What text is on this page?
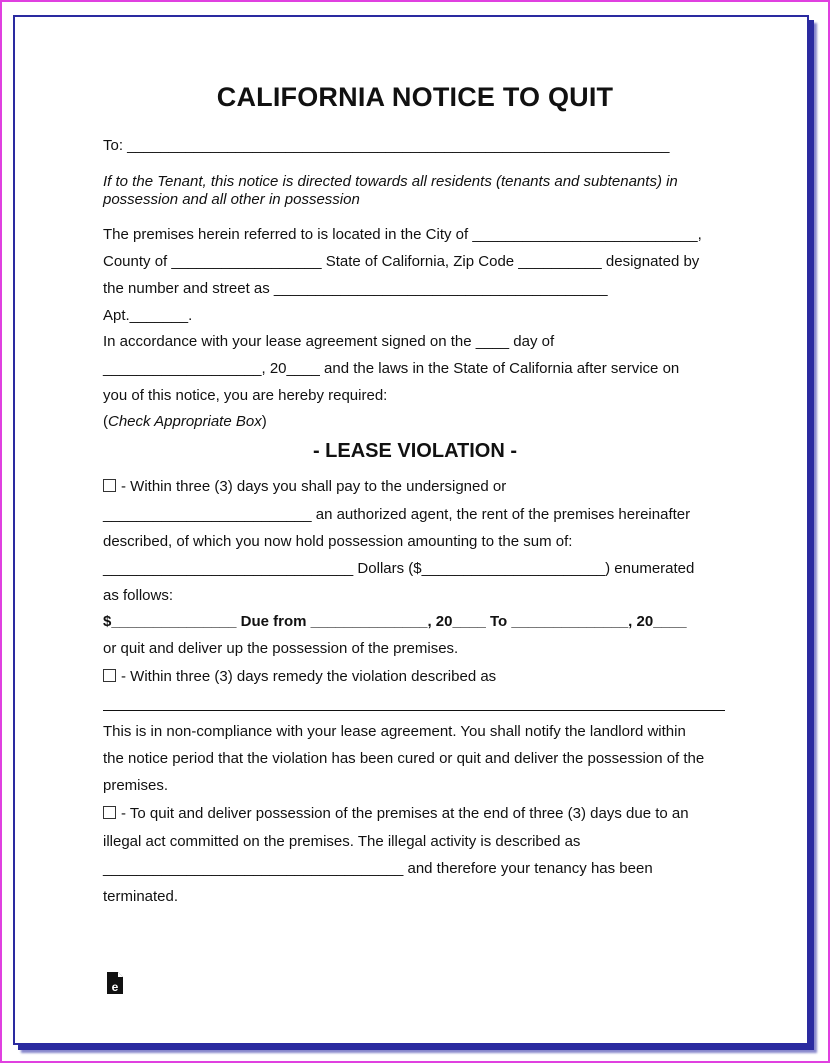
CALIFORNIA NOTICE TO QUIT
To: _________________________________________________________________
If to the Tenant, this notice is directed towards all residents (tenants and subtenants) in
possession and all other in possession
The premises herein referred to is located in the City of ___________________________,
County of __________________ State of California, Zip Code __________ designated by
the number and street as ________________________________________
Apt._______.
In accordance with your lease agreement signed on the ____ day of
___________________, 20____ and the laws in the State of California after service on
you of this notice, you are hereby required:
(Check Appropriate Box)
- LEASE VIOLATION -
- Within three (3) days you shall pay to the undersigned or
_________________________ an authorized agent, the rent of the premises hereinafter
described, of which you now hold possession amounting to the sum of:
______________________________ Dollars ($______________________) enumerated
as follows:
$_______________ Due from ______________, 20____ To ______________, 20____
or quit and deliver up the possession of the premises.
- Within three (3) days remedy the violation described as
This is in non-compliance with your lease agreement. You shall notify the landlord within
the notice period that the violation has been cured or quit and deliver the possession of the
premises.
- To quit and deliver possession of the premises at the end of three (3) days due to an
illegal act committed on the premises. The illegal activity is described as
____________________________________ and therefore your tenancy has been
terminated.
e
